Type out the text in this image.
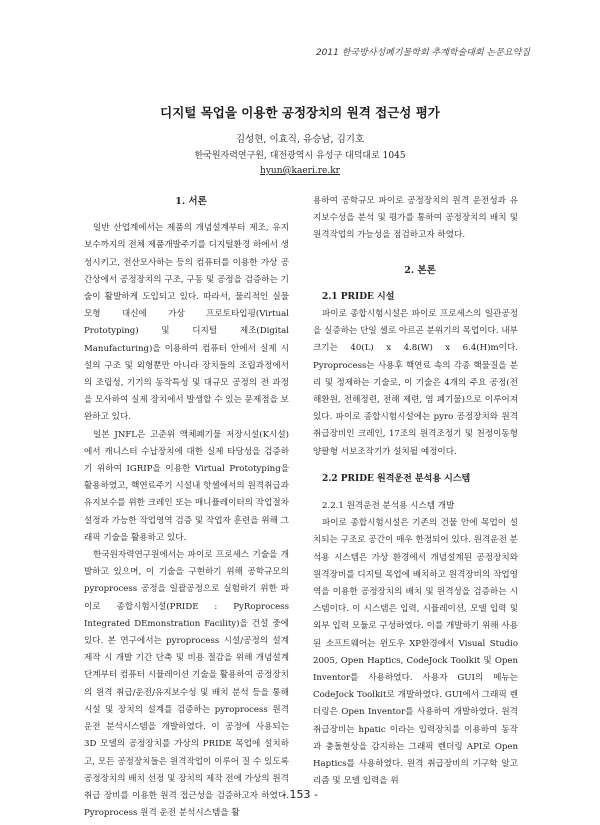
2011 한국방사성폐기물학회 추계학술대회 논문요약집
디지털 목업을 이용한 공정장치의 원격 접근성 평가
김성현, 이효직, 유승남, 김기호
한국원자력연구원, 대전광역시 유성구 대덕대로 1045
hyun@kaeri.re.kr

1. 서론

일반 산업계에서는 제품의 개념설계부터 제조, 유지보수까지의 전체 제품개발주기를 디지털환경 하에서 생성시키고, 전산모사하는 등의 컴퓨터를 이용한 가상 공간상에서 공정장치의 구조, 구동 및 공정을 검증하는 기술이 활발하게 도입되고 있다. 따라서, 물리적인 실물 모형 대신에 가상 프로토타입핑(Virtual Prototyping) 및 디지털 제조(Digital Manufacturing)을 이용하여 컴퓨터 안에서 실제 시설의 구조 및 외형뿐만 아니라 장치들의 조립과정에서의 조립성, 기기의 동작특성 및 대규모 공정의 전 과정을 모사하여 실제 장치에서 발생할 수 있는 문제점을 보완하고 있다.

일본 JNFL은 고준위 액체폐기물 저장시설(K시설)에서 캐니스터 수납장치에 대한 실제 타당성을 검증하기 위하여 IGRIP을 이용한 Virtual Prototyping을 활용하였고, 핵연료주기 시설내 핫셀에서의 원격취급과 유지보수를 위한 크레인 또는 매니퓰레이터의 작업절차 설정과 가능한 작업영역 검증 및 작업자 훈련을 위해 그래픽 기술을 활용하고 있다.

한국원자력연구원에서는 파이로 프로세스 기술을 개발하고 있으며, 이 기술을 구현하기 위해 공학규모의 pyroprocess 공정을 일괄공정으로 실험하기 위한 파이로 종합시험시설(PRIDE : PyRoprocess Integrated DEmonstration Facility)을 건설 중에 있다. 본 연구에서는 pyroprocess 시설/공정의 설계 제작 시 개발 기간 단축 및 비용 절감을 위해 개념설계 단계부터 컴퓨터 시뮬레이션 기술을 활용하여 공정장치의 원격 취급/운전/유지보수성 및 배치 분석 등을 통해 시설 및 장치의 설계를 검증하는 pyroprocess 원격 운전 분석시스템을 개발하였다. 이 공정에 사용되는 3D 모델의 공정장치를 가상의 PRIDE 목업에 설치하고, 모든 공정장치들은 원격작업이 이루어 질 수 있도록 공정장치의 배치 선정 및 장치의 제작 전에 가상의 원격취급 장비를 이용한 원격 접근성을 검증하고자 하였다. Pyroprocess 원격 운전 분석시스템을 활

용하여 공학규모 파이로 공정장치의 원격 운전성과 유지보수성을 분석 및 평가를 통하여 공정장치의 배치 및 원격작업의 가능성을 점검하고자 하였다.

2. 본론

2.1 PRIDE 시설

파이로 종합시험시설은 파이로 프로세스의 일관공정을 실증하는 단일 셀로 아르곤 분위기의 목업이다. 내부크기는 40(L) x 4.8(W) x 6.4(H)m이다. Pyroprocess는 사용후 핵연료 속의 각종 핵물질을 분리 및 정제하는 기술로, 이 기술은 4개의 주요 공정(전해환원, 전해정련, 전해 제련, 염 폐기물)으로 이루어져 있다. 파이로 종합시험시설에는 pyro 공정장치와 원격 취급장비인 크레인, 17조의 원격조정기 및 천정이동형 양팔형 서보조작기가 설치될 예정이다.

2.2 PRIDE 원격운전 분석용 시스템

2.2.1 원격운전 분석용 시스템 개발

파이로 종합시험시설은 기존의 건물 안에 목업이 설치되는 구조로 공간이 매우 한정되어 있다. 원격운전 분석용 시스템은 가상 환경에서 개념설계된 공정장치와 원격장비를 디지털 목업에 배치하고 원격장비의 작업영역을 이용한 공정장치의 배치 및 원격성을 검증하는 시스템이다. 이 시스템은 입력, 시뮬레이션, 모델 입력 및 외부 입력 모듈로 구성하였다. 이를 개발하기 위해 사용된 소프트웨어는 윈도우 XP환경에서 Visual Studio 2005, Open Haptics, CodeJock Toolkit 및 Open Inventor를 사용하였다. 사용자 GUI의 메뉴는 CodeJock Toolkit로 개발하였다. GUI에서 그래픽 렌더링은 Open Inventor를 사용하여 개발하였다. 원격 취급장비는 hpatic 이라는 입력장치를 이용하여 동작과 충돌현상을 감지하는 그래픽 렌더링 API로 Open Haptics를 사용하였다. 원격 취급장비의 기구학 알고리즘 및 모델 입력을 위

- 153 -
